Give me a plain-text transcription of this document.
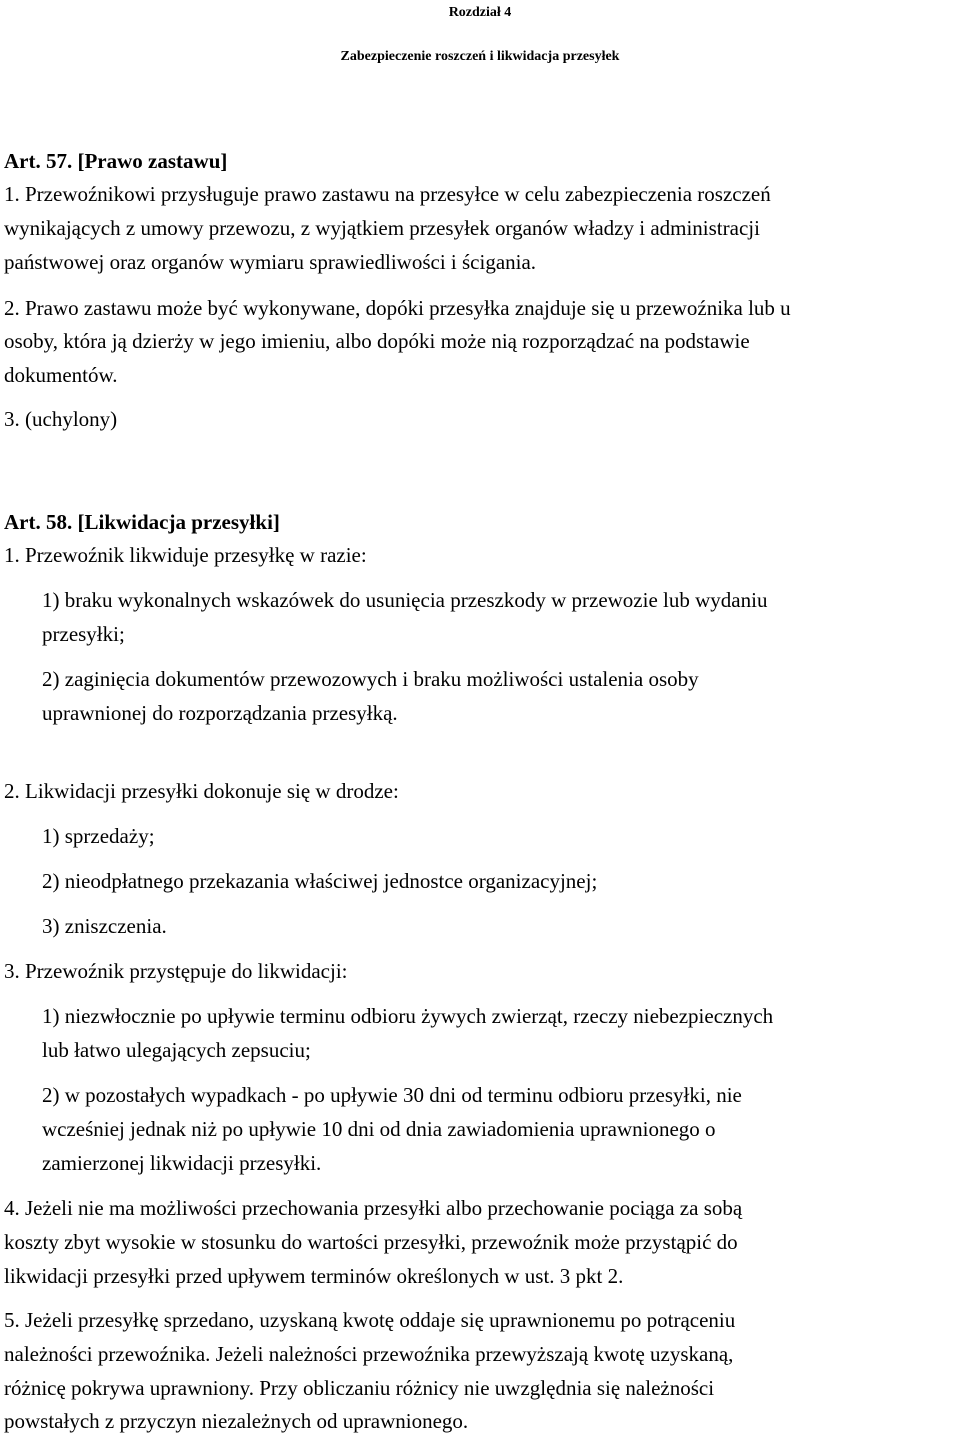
Rozdział 4
Zabezpieczenie roszczeń i likwidacja przesyłek
Art. 57. [Prawo zastawu]
1. Przewoźnikowi przysługuje prawo zastawu na przesyłce w celu zabezpieczenia roszczeń
wynikających z umowy przewozu, z wyjątkiem przesyłek organów władzy i administracji
państwowej oraz organów wymiaru sprawiedliwości i ścigania.
2. Prawo zastawu może być wykonywane, dopóki przesyłka znajduje się u przewoźnika lub u
osoby, która ją dzierży w jego imieniu, albo dopóki może nią rozporządzać na podstawie
dokumentów.
3. (uchylony)
Art. 58. [Likwidacja przesyłki]
1. Przewoźnik likwiduje przesyłkę w razie:
1) braku wykonalnych wskazówek do usunięcia przeszkody w przewozie lub wydaniu
przesyłki;
2) zaginięcia dokumentów przewozowych i braku możliwości ustalenia osoby
uprawnionej do rozporządzania przesyłką.
2. Likwidacji przesyłki dokonuje się w drodze:
1) sprzedaży;
2) nieodpłatnego przekazania właściwej jednostce organizacyjnej;
3) zniszczenia.
3. Przewoźnik przystępuje do likwidacji:
1) niezwłocznie po upływie terminu odbioru żywych zwierząt, rzeczy niebezpiecznych
lub łatwo ulegających zepsuciu;
2) w pozostałych wypadkach - po upływie 30 dni od terminu odbioru przesyłki, nie
wcześniej jednak niż po upływie 10 dni od dnia zawiadomienia uprawnionego o
zamierzonej likwidacji przesyłki.
4. Jeżeli nie ma możliwości przechowania przesyłki albo przechowanie pociąga za sobą
koszty zbyt wysokie w stosunku do wartości przesyłki, przewoźnik może przystąpić do
likwidacji przesyłki przed upływem terminów określonych w ust. 3 pkt 2.
5. Jeżeli przesyłkę sprzedano, uzyskaną kwotę oddaje się uprawnionemu po potrąceniu
należności przewoźnika. Jeżeli należności przewoźnika przewyższają kwotę uzyskaną,
różnicę pokrywa uprawniony. Przy obliczaniu różnicy nie uwzględnia się należności
powstałych z przyczyn niezależnych od uprawnionego.
